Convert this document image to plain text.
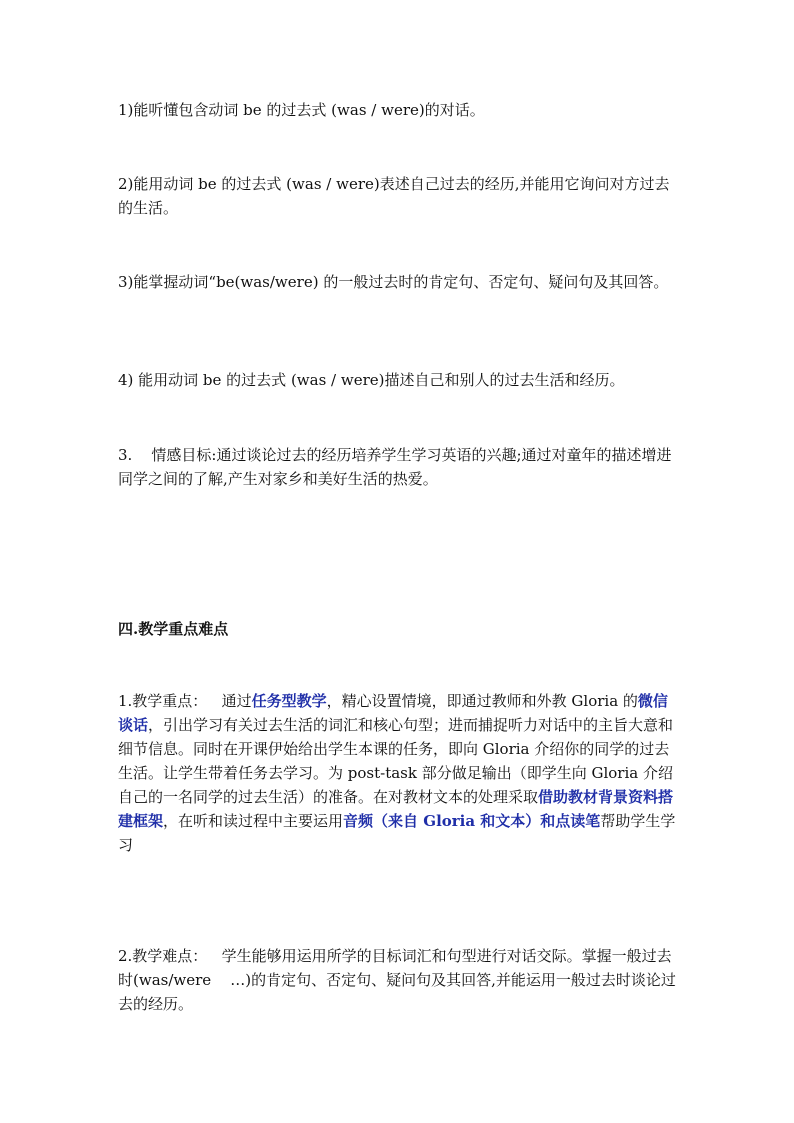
1)能听懂包含动词 be 的过去式 (was / were)的对话。
2)能用动词 be 的过去式 (was / were)表述自己过去的经历,并能用它询问对方过去的生活。
3)能掌握动词“be(was/were) 的一般过去时的肯定句、否定句、疑问句及其回答。
4) 能用动词 be 的过去式 (was / were)描述自己和别人的过去生活和经历。
3.    情感目标:通过谈论过去的经历培养学生学习英语的兴趣;通过对童年的描述增进同学之间的了解,产生对家乡和美好生活的热爱。
四.教学重点难点
1.教学重点：   通过任务型教学，精心设置情境，即通过教师和外教 Gloria 的微信谈话，引出学习有关过去生活的词汇和核心句型；进而捕捉听力对话中的主旨大意和细节信息。同时在开课伊始给出学生本课的任务，即向 Gloria 介绍你的同学的过去生活。让学生带着任务去学习。为 post-task 部分做足输出（即学生向 Gloria 介绍自己的一名同学的过去生活）的准备。在对教材文本的处理采取借助教材背景资料搭建框架，在听和读过程中主要运用音频（来自 Gloria 和文本）和点读笔帮助学生学习
2.教学难点：   学生能够用运用所学的目标词汇和句型进行对话交际。掌握一般过去时(was/were    …)的肯定句、否定句、疑问句及其回答,并能运用一般过去时谈论过去的经历。
